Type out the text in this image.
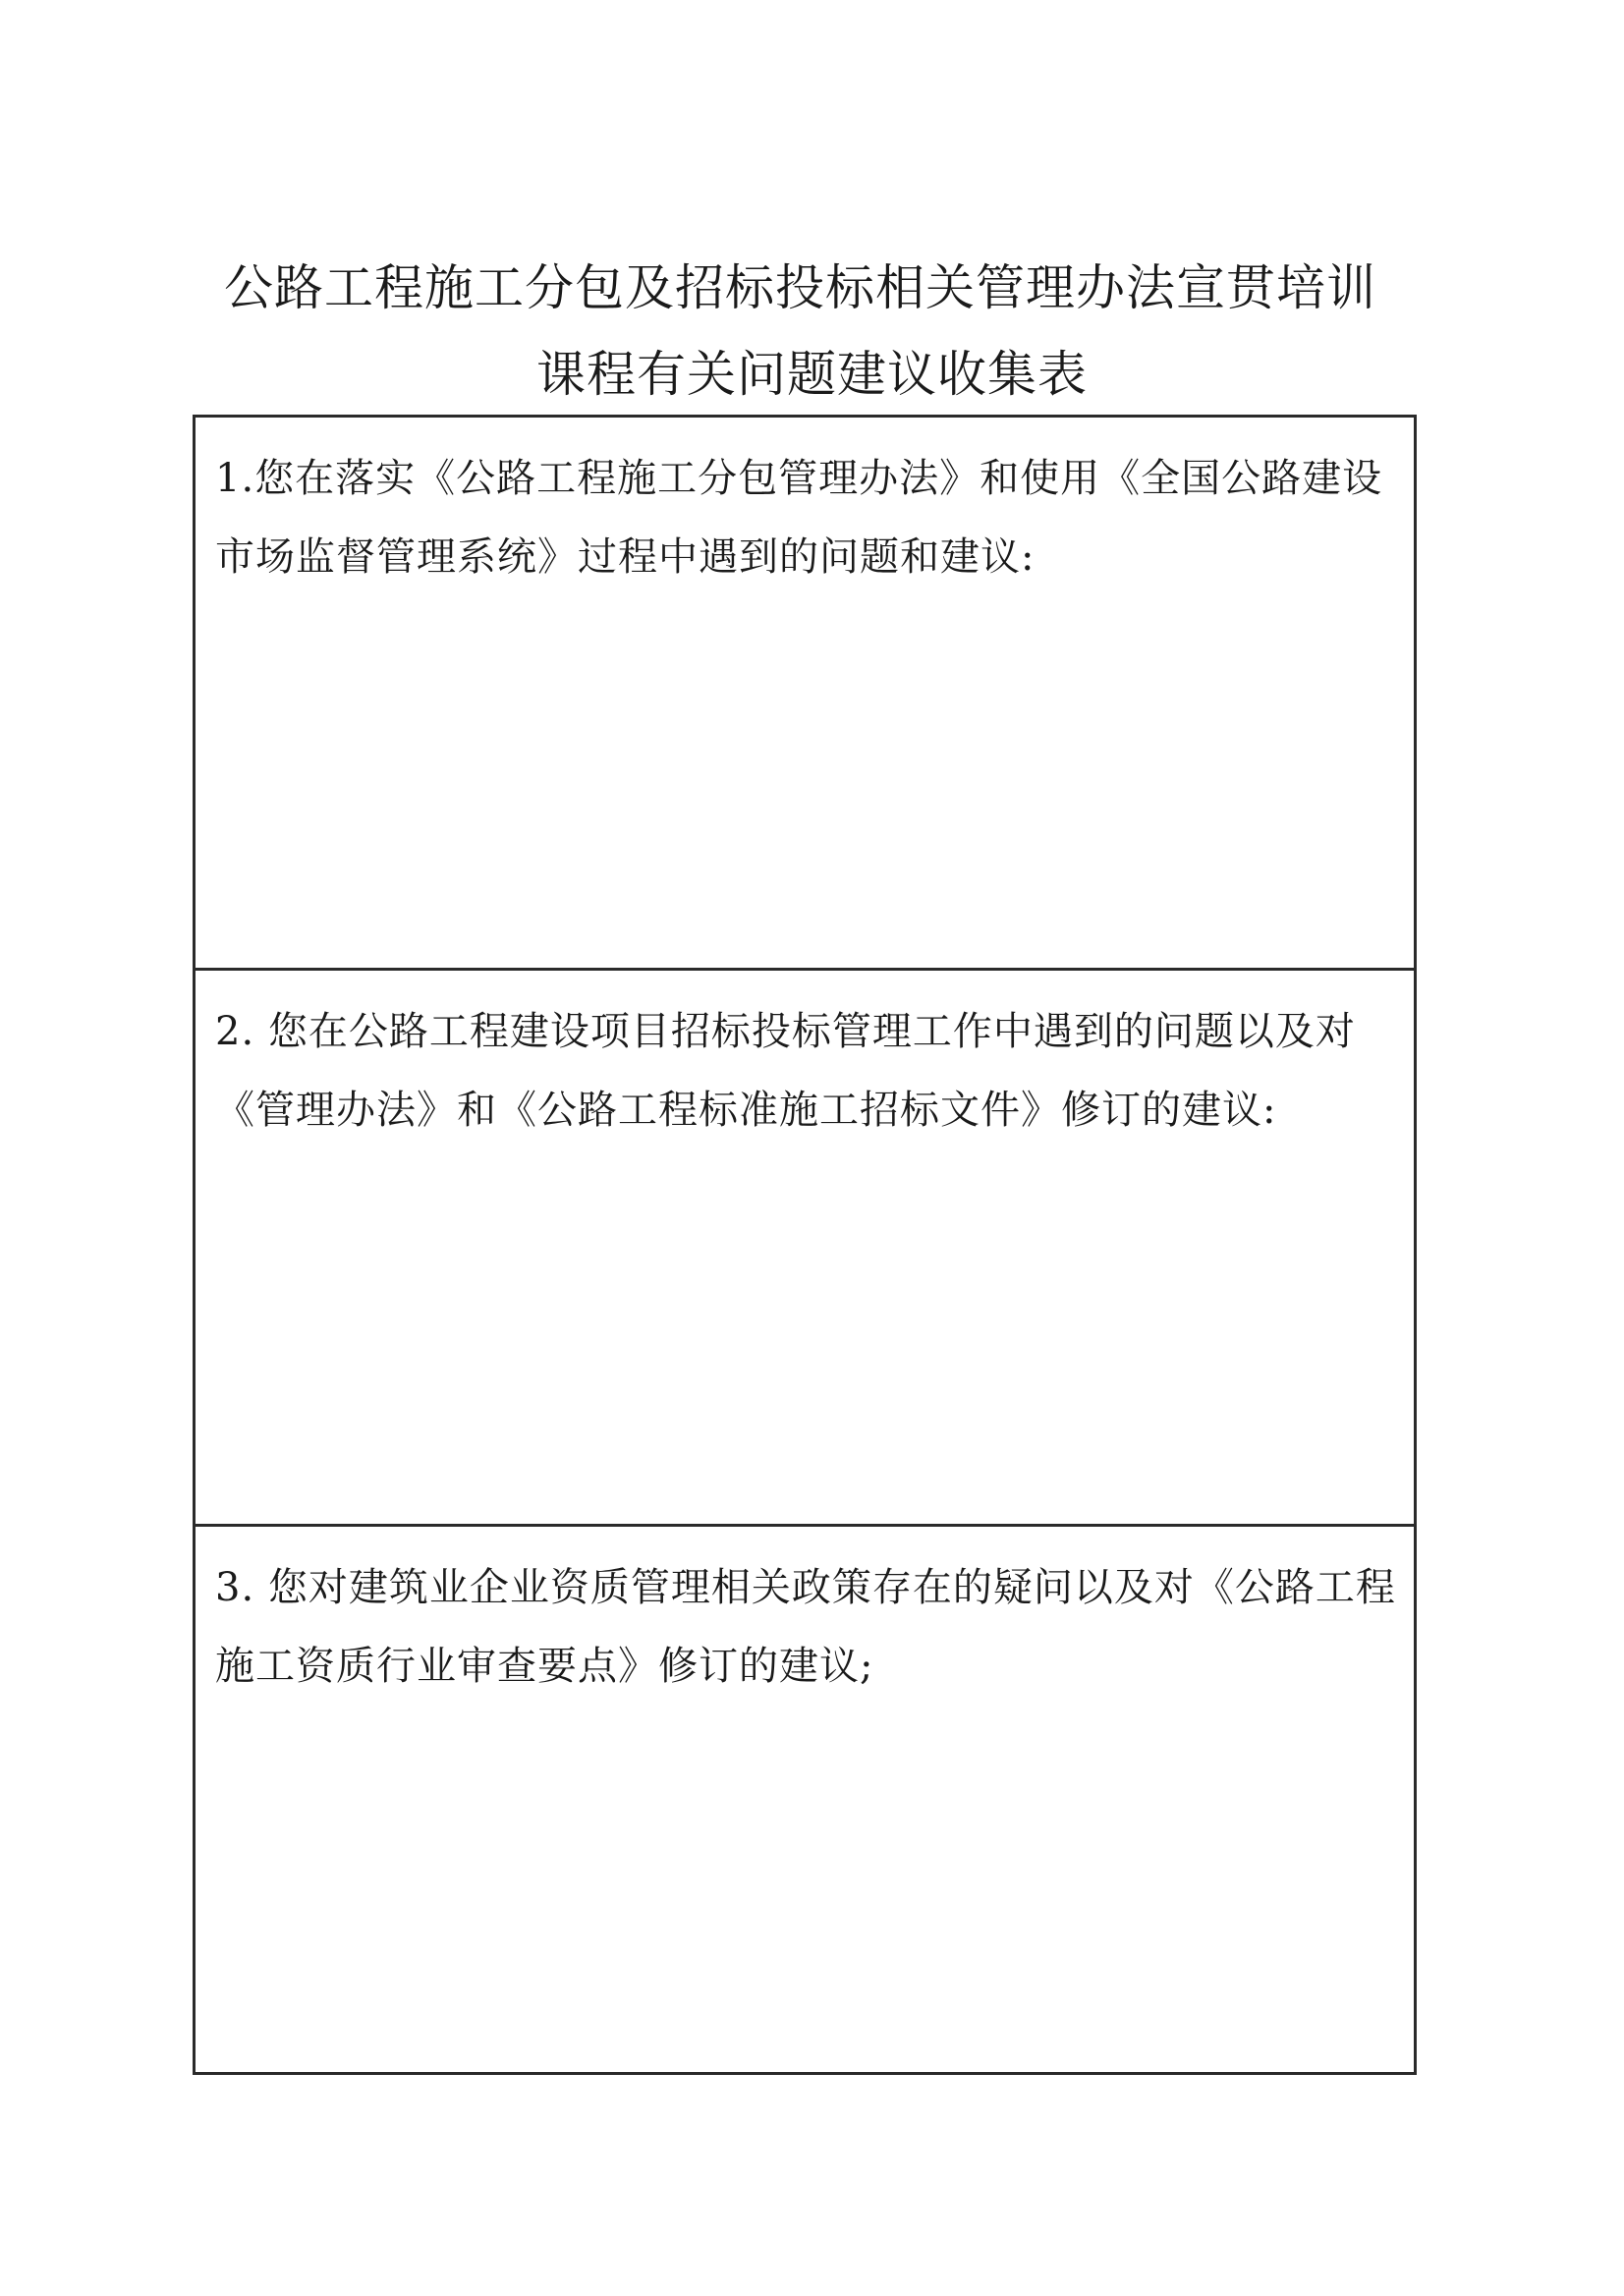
公路工程施工分包及招标投标相关管理办法宣贯培训
课程有关问题建议收集表
1.您在落实《公路工程施工分包管理办法》和使用《全国公路建设
市场监督管理系统》过程中遇到的问题和建议:
2. 您在公路工程建设项目招标投标管理工作中遇到的问题以及对
《管理办法》和《公路工程标准施工招标文件》修订的建议:
3. 您对建筑业企业资质管理相关政策存在的疑问以及对《公路工程
施工资质行业审查要点》修订的建议;
